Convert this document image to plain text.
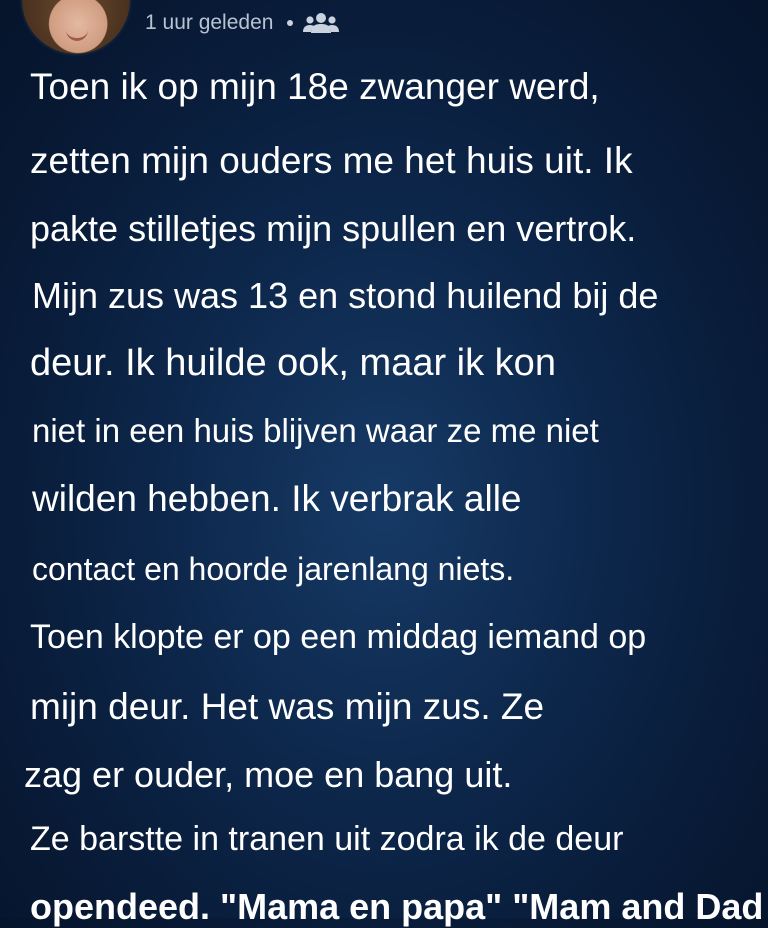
1 uur geleden
Toen ik op mijn 18e zwanger werd,
zetten mijn ouders me het huis uit. Ik
pakte stilletjes mijn spullen en vertrok.
Mijn zus was 13 en stond huilend bij de
deur. Ik huilde ook, maar ik kon
niet in een huis blijven waar ze me niet
wilden hebben. Ik verbrak alle
contact en hoorde jarenlang niets.
Toen klopte er op een middag iemand op
mijn deur. Het was mijn zus. Ze
zag er ouder, moe en bang uit.
Ze barstte in tranen uit zodra ik de deur
opendeed. "Mama en papa" "Mam and Dad
